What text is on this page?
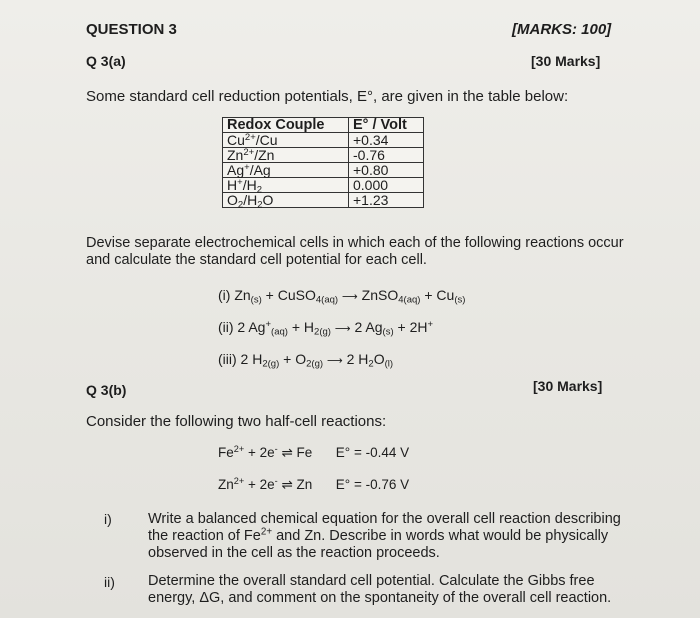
QUESTION 3	[MARKS: 100]
Q 3(a)	[30 Marks]
Some standard cell reduction potentials, E°, are given in the table below:
Redox Couple	E° / Volt
$Cu^{2+}/Cu$	+0.34
$Zn^{2+}/Zn$	-0.76
Ag+/Ag	+0.80
$H^+/H_2$	0.000
$O_2/H_2O$	+1.23
Devise separate electrochemical cells in which each of the following reactions occur
and calculate the standard cell potential for each cell.
(i) $Zn_{(s)}$ + CuSO$_{4(aq)}$ ⟶ ZnSO$_{4(aq)}$ + $Cu_{(s)}$
(ii) 2 $Ag^+_{(aq)} + H_{2(g)}$ ⟶ 2 $Ag_{(s)} + 2H^+$
(iii) 2 $H_{2(g)} + O_{2(g)}$ ⟶ 2 $H_2O_{(l)}$
Q 3(b)	[30 Marks]
Consider the following two half-cell reactions:
$Fe^{2+} + 2e^-$ ⇌ Fe  E° = -0.44 V
$Zn^{2+} + 2e^-$ ⇌ Zn  E° = -0.76 V
i) Write a balanced chemical equation for the overall cell reaction describing
the reaction of $Fe^{2+}$ and Zn. Describe in words what would be physically
observed in the cell as the reaction proceeds.
ii) Determine the overall standard cell potential. Calculate the Gibbs free
energy, ΔG, and comment on the spontaneity of the overall cell reaction.
